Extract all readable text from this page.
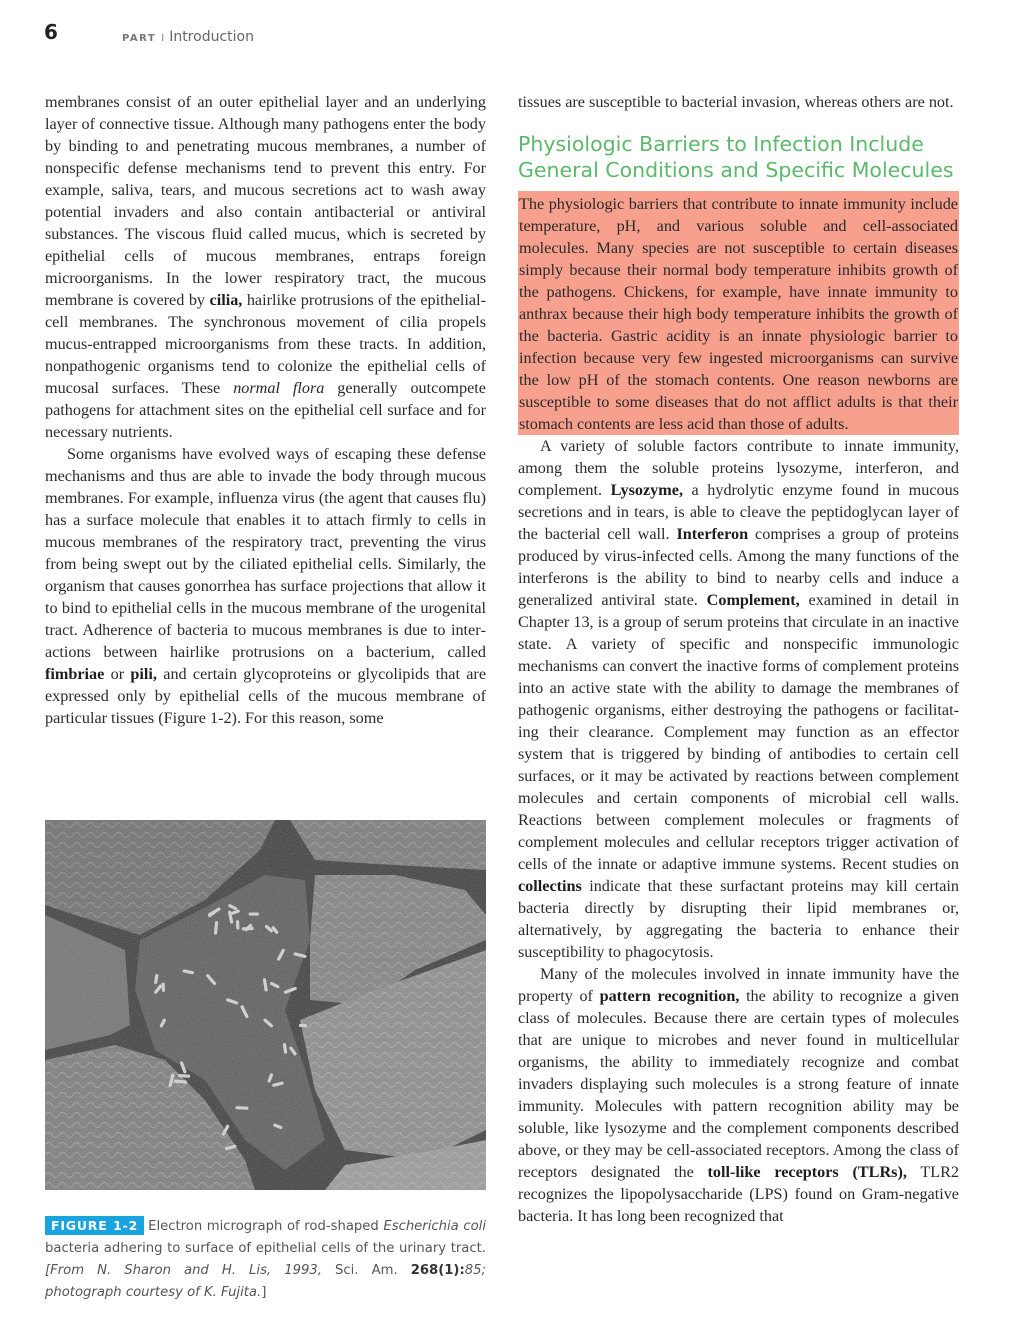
6	PART I Introduction

membranes consist of an outer epithelial layer and an underlying layer of connective tissue. Although many pathogens enter the body by binding to and penetrating mucous membranes, a number of nonspecific defense mechanisms tend to prevent this entry. For example, saliva, tears, and mucous secretions act to wash away potential invaders and also contain antibacterial or antiviral substances. The viscous fluid called mucus, which is secreted by epithelial cells of mucous membranes, entraps foreign microorganisms. In the lower respiratory tract, the mucous membrane is covered by cilia, hairlike protrusions of the epithelial-cell membranes. The synchronous movement of cilia propels mucus-entrapped microorganisms from these tracts. In addition, nonpathogenic organisms tend to colonize the epithelial cells of mucosal surfaces. These normal flora generally outcompete pathogens for attachment sites on the epithelial cell surface and for necessary nutrients.

Some organisms have evolved ways of escaping these defense mechanisms and thus are able to invade the body through mucous membranes. For example, influenza virus (the agent that causes flu) has a surface molecule that enables it to attach firmly to cells in mucous membranes of the respiratory tract, preventing the virus from being swept out by the ciliated epithelial cells. Similarly, the organism that causes gonorrhea has surface projections that allow it to bind to epithelial cells in the mucous membrane of the urogenital tract. Adherence of bacteria to mucous membranes is due to interactions between hairlike protrusions on a bacterium, called fimbriae or pili, and certain glycoproteins or glycolipids that are expressed only by epithelial cells of the mucous membrane of particular tissues (Figure 1-2). For this reason, some

FIGURE 1-2 Electron micrograph of rod-shaped Escherichia coli bacteria adhering to surface of epithelial cells of the urinary tract. [From N. Sharon and H. Lis, 1993, Sci. Am. 268(1):85; photograph courtesy of K. Fujita.]

tissues are susceptible to bacterial invasion, whereas others are not.

Physiologic Barriers to Infection Include General Conditions and Specific Molecules

The physiologic barriers that contribute to innate immunity include temperature, pH, and various soluble and cell-associated molecules. Many species are not susceptible to certain diseases simply because their normal body temperature inhibits growth of the pathogens. Chickens, for example, have innate immunity to anthrax because their high body temperature inhibits the growth of the bacteria. Gastric acidity is an innate physiologic barrier to infection because very few ingested microorganisms can survive the low pH of the stomach contents. One reason newborns are susceptible to some diseases that do not afflict adults is that their stomach contents are less acid than those of adults.

A variety of soluble factors contribute to innate immunity, among them the soluble proteins lysozyme, interferon, and complement. Lysozyme, a hydrolytic enzyme found in mucous secretions and in tears, is able to cleave the peptidoglycan layer of the bacterial cell wall. Interferon comprises a group of proteins produced by virus-infected cells. Among the many functions of the interferons is the ability to bind to nearby cells and induce a generalized antiviral state. Complement, examined in detail in Chapter 13, is a group of serum proteins that circulate in an inactive state. A variety of specific and nonspecific immunologic mechanisms can convert the inactive forms of complement proteins into an active state with the ability to damage the membranes of pathogenic organisms, either destroying the pathogens or facilitating their clearance. Complement may function as an effector system that is triggered by binding of antibodies to certain cell surfaces, or it may be activated by reactions between complement molecules and certain components of microbial cell walls. Reactions between complement molecules or fragments of complement molecules and cellular receptors trigger activation of cells of the innate or adaptive immune systems. Recent studies on collectins indicate that these surfactant proteins may kill certain bacteria directly by disrupting their lipid membranes or, alternatively, by aggregating the bacteria to enhance their susceptibility to phagocytosis.

Many of the molecules involved in innate immunity have the property of pattern recognition, the ability to recognize a given class of molecules. Because there are certain types of molecules that are unique to microbes and never found in multicellular organisms, the ability to immediately recognize and combat invaders displaying such molecules is a strong feature of innate immunity. Molecules with pattern recognition ability may be soluble, like lysozyme and the complement components described above, or they may be cell-associated receptors. Among the class of receptors designated the toll-like receptors (TLRs), TLR2 recognizes the lipopolysaccharide (LPS) found on Gram-negative bacteria. It has long been recognized that
